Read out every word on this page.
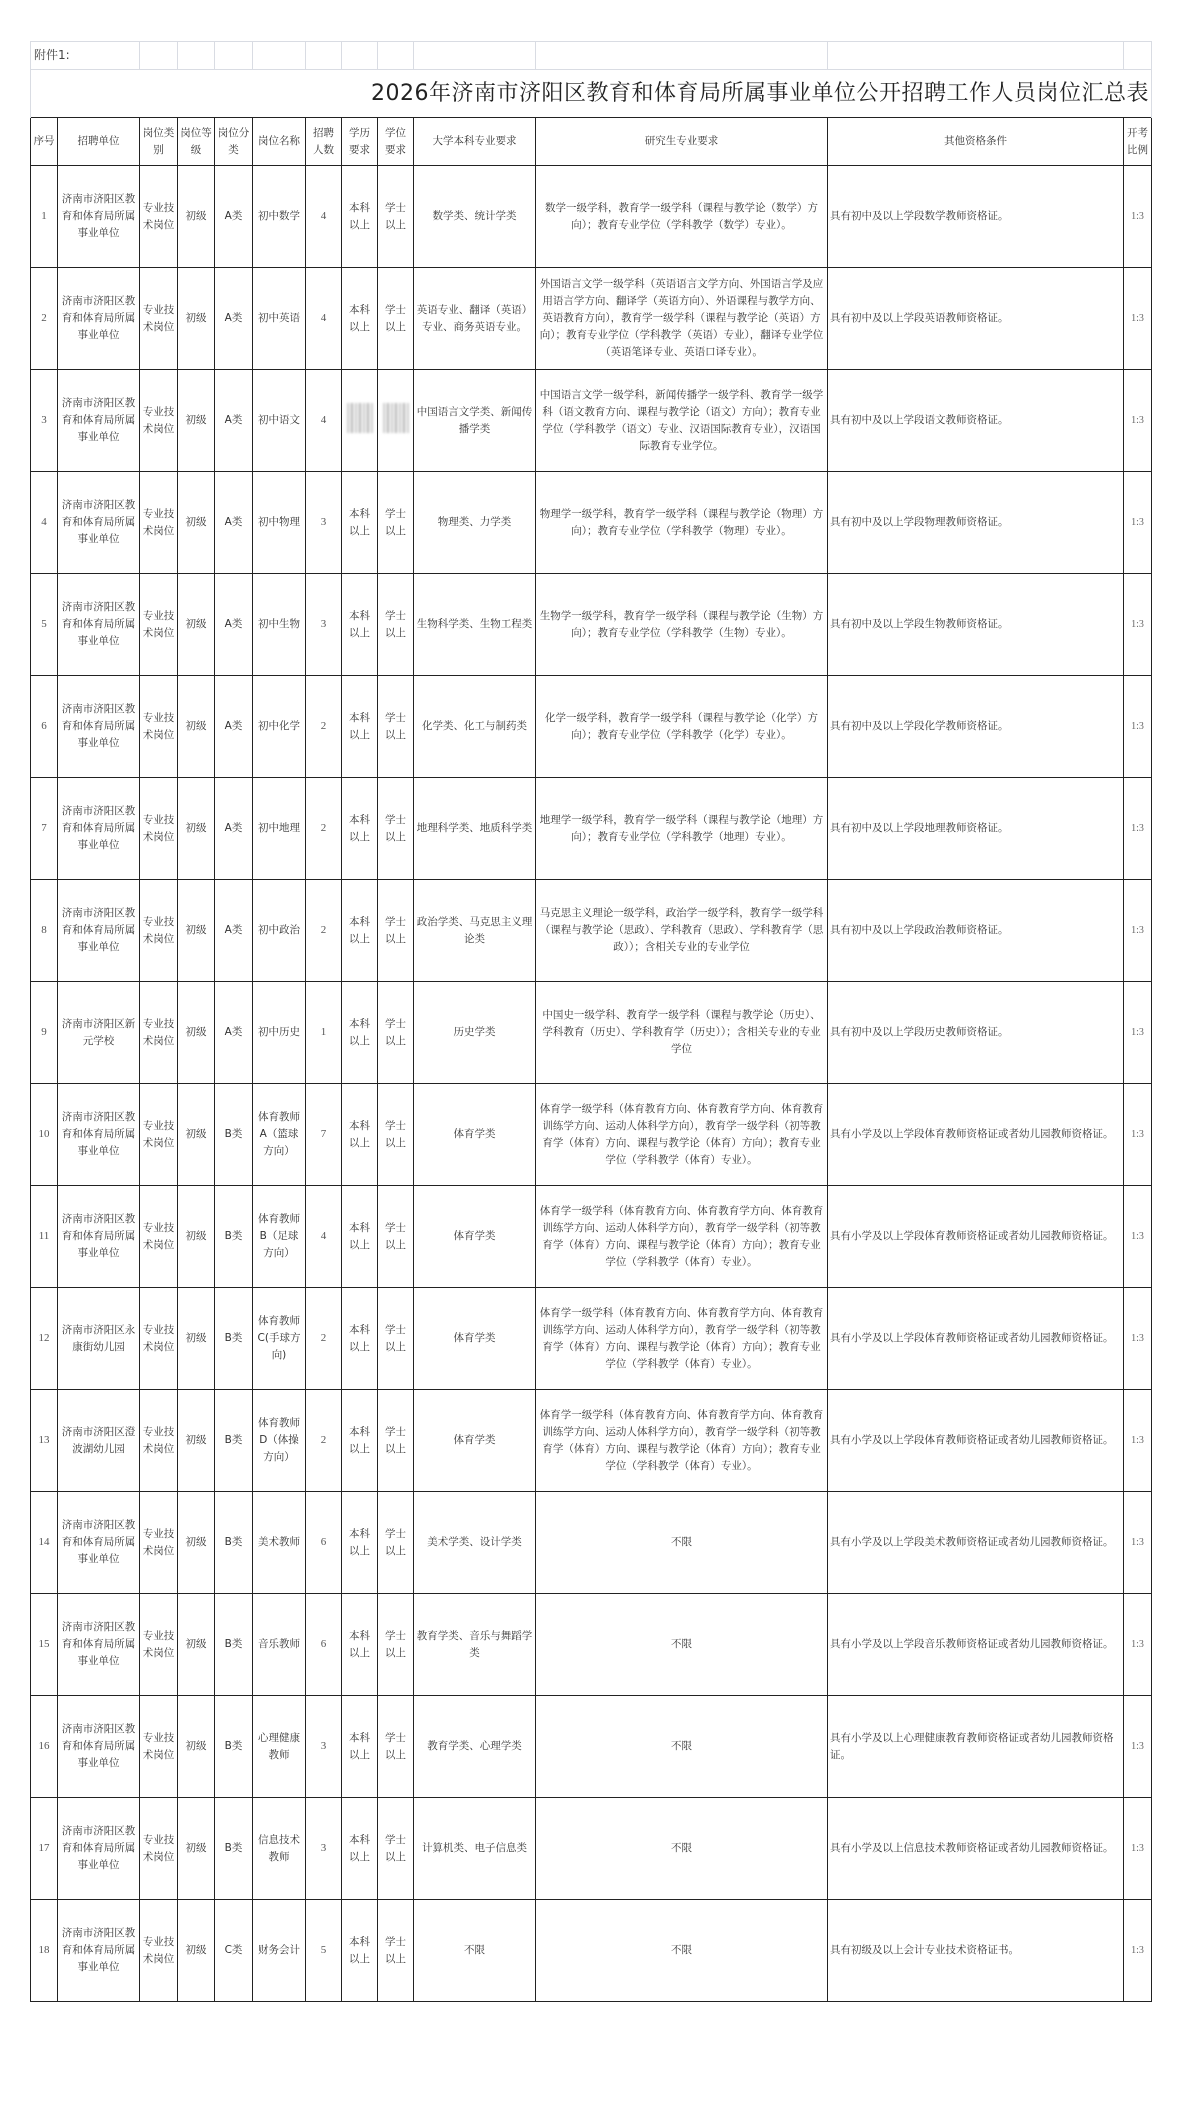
附件1:												
2026年济南市济阳区教育和体育局所属事业单位公开招聘工作人员岗位汇总表												
序号	招聘单位	岗位类别	岗位等级	岗位分类	岗位名称	招聘人数	学历要求	学位要求	大学本科专业要求	研究生专业要求	其他资格条件	开考比例
1	济南市济阳区教育和体育局所属事业单位	专业技术岗位	初级	A类	初中数学	4	本科以上	学士以上	数学类、统计学类	数学一级学科，教育学一级学科（课程与教学论（数学）方向）；教育专业学位（学科教学（数学）专业）。	具有初中及以上学段数学教师资格证。	1:3
2	济南市济阳区教育和体育局所属事业单位	专业技术岗位	初级	A类	初中英语	4	本科以上	学士以上	英语专业、翻译（英语）专业、商务英语专业。	外国语言文学一级学科（英语语言文学方向、外国语言学及应用语言学方向、翻译学（英语方向）、外语课程与教学方向、英语教育方向），教育学一级学科（课程与教学论（英语）方向）；教育专业学位（学科教学（英语）专业），翻译专业学位（英语笔译专业、英语口译专业）。	具有初中及以上学段英语教师资格证。	1:3
3	济南市济阳区教育和体育局所属事业单位	专业技术岗位	初级	A类	初中语文	4			中国语言文学类、新闻传播学类	中国语言文学一级学科，新闻传播学一级学科、教育学一级学科（语文教育方向、课程与教学论（语文）方向）；教育专业学位（学科教学（语文）专业、汉语国际教育专业），汉语国际教育专业学位。	具有初中及以上学段语文教师资格证。	1:3
4	济南市济阳区教育和体育局所属事业单位	专业技术岗位	初级	A类	初中物理	3	本科以上	学士以上	物理类、力学类	物理学一级学科，教育学一级学科（课程与教学论（物理）方向）；教育专业学位（学科教学（物理）专业）。	具有初中及以上学段物理教师资格证。	1:3
5	济南市济阳区教育和体育局所属事业单位	专业技术岗位	初级	A类	初中生物	3	本科以上	学士以上	生物科学类、生物工程类	生物学一级学科，教育学一级学科（课程与教学论（生物）方向）；教育专业学位（学科教学（生物）专业）。	具有初中及以上学段生物教师资格证。	1:3
6	济南市济阳区教育和体育局所属事业单位	专业技术岗位	初级	A类	初中化学	2	本科以上	学士以上	化学类、化工与制药类	化学一级学科，教育学一级学科（课程与教学论（化学）方向）；教育专业学位（学科教学（化学）专业）。	具有初中及以上学段化学教师资格证。	1:3
7	济南市济阳区教育和体育局所属事业单位	专业技术岗位	初级	A类	初中地理	2	本科以上	学士以上	地理科学类、地质科学类	地理学一级学科，教育学一级学科（课程与教学论（地理）方向）；教育专业学位（学科教学（地理）专业）。	具有初中及以上学段地理教师资格证。	1:3
8	济南市济阳区教育和体育局所属事业单位	专业技术岗位	初级	A类	初中政治	2	本科以上	学士以上	政治学类、马克思主义理论类	马克思主义理论一级学科，政治学一级学科，教育学一级学科（课程与教学论（思政）、学科教育（思政）、学科教育学（思政））；含相关专业的专业学位	具有初中及以上学段政治教师资格证。	1:3
9	济南市济阳区新元学校	专业技术岗位	初级	A类	初中历史	1	本科以上	学士以上	历史学类	中国史一级学科、教育学一级学科（课程与教学论（历史）、学科教育（历史）、学科教育学（历史））；含相关专业的专业学位	具有初中及以上学段历史教师资格证。	1:3
10	济南市济阳区教育和体育局所属事业单位	专业技术岗位	初级	B类	体育教师A（篮球方向）	7	本科以上	学士以上	体育学类	体育学一级学科（体育教育方向、体育教育学方向、体育教育训练学方向、运动人体科学方向），教育学一级学科（初等教育学（体育）方向、课程与教学论（体育）方向）；教育专业学位（学科教学（体育）专业）。	具有小学及以上学段体育教师资格证或者幼儿园教师资格证。	1:3
11	济南市济阳区教育和体育局所属事业单位	专业技术岗位	初级	B类	体育教师B（足球方向）	4	本科以上	学士以上	体育学类	体育学一级学科（体育教育方向、体育教育学方向、体育教育训练学方向、运动人体科学方向），教育学一级学科（初等教育学（体育）方向、课程与教学论（体育）方向）；教育专业学位（学科教学（体育）专业）。	具有小学及以上学段体育教师资格证或者幼儿园教师资格证。	1:3
12	济南市济阳区永康街幼儿园	专业技术岗位	初级	B类	体育教师C(手球方向)	2	本科以上	学士以上	体育学类	体育学一级学科（体育教育方向、体育教育学方向、体育教育训练学方向、运动人体科学方向），教育学一级学科（初等教育学（体育）方向、课程与教学论（体育）方向）；教育专业学位（学科教学（体育）专业）。	具有小学及以上学段体育教师资格证或者幼儿园教师资格证。	1:3
13	济南市济阳区澄波湖幼儿园	专业技术岗位	初级	B类	体育教师D（体操方向）	2	本科以上	学士以上	体育学类	体育学一级学科（体育教育方向、体育教育学方向、体育教育训练学方向、运动人体科学方向），教育学一级学科（初等教育学（体育）方向、课程与教学论（体育）方向）；教育专业学位（学科教学（体育）专业）。	具有小学及以上学段体育教师资格证或者幼儿园教师资格证。	1:3
14	济南市济阳区教育和体育局所属事业单位	专业技术岗位	初级	B类	美术教师	6	本科以上	学士以上	美术学类、设计学类	不限	具有小学及以上学段美术教师资格证或者幼儿园教师资格证。	1:3
15	济南市济阳区教育和体育局所属事业单位	专业技术岗位	初级	B类	音乐教师	6	本科以上	学士以上	教育学类、音乐与舞蹈学类	不限	具有小学及以上学段音乐教师资格证或者幼儿园教师资格证。	1:3
16	济南市济阳区教育和体育局所属事业单位	专业技术岗位	初级	B类	心理健康教师	3	本科以上	学士以上	教育学类、心理学类	不限	具有小学及以上心理健康教育教师资格证或者幼儿园教师资格证。	1:3
17	济南市济阳区教育和体育局所属事业单位	专业技术岗位	初级	B类	信息技术教师	3	本科以上	学士以上	计算机类、电子信息类	不限	具有小学及以上信息技术教师资格证或者幼儿园教师资格证。	1:3
18	济南市济阳区教育和体育局所属事业单位	专业技术岗位	初级	C类	财务会计	5	本科以上	学士以上	不限	不限	具有初级及以上会计专业技术资格证书。	1:3
